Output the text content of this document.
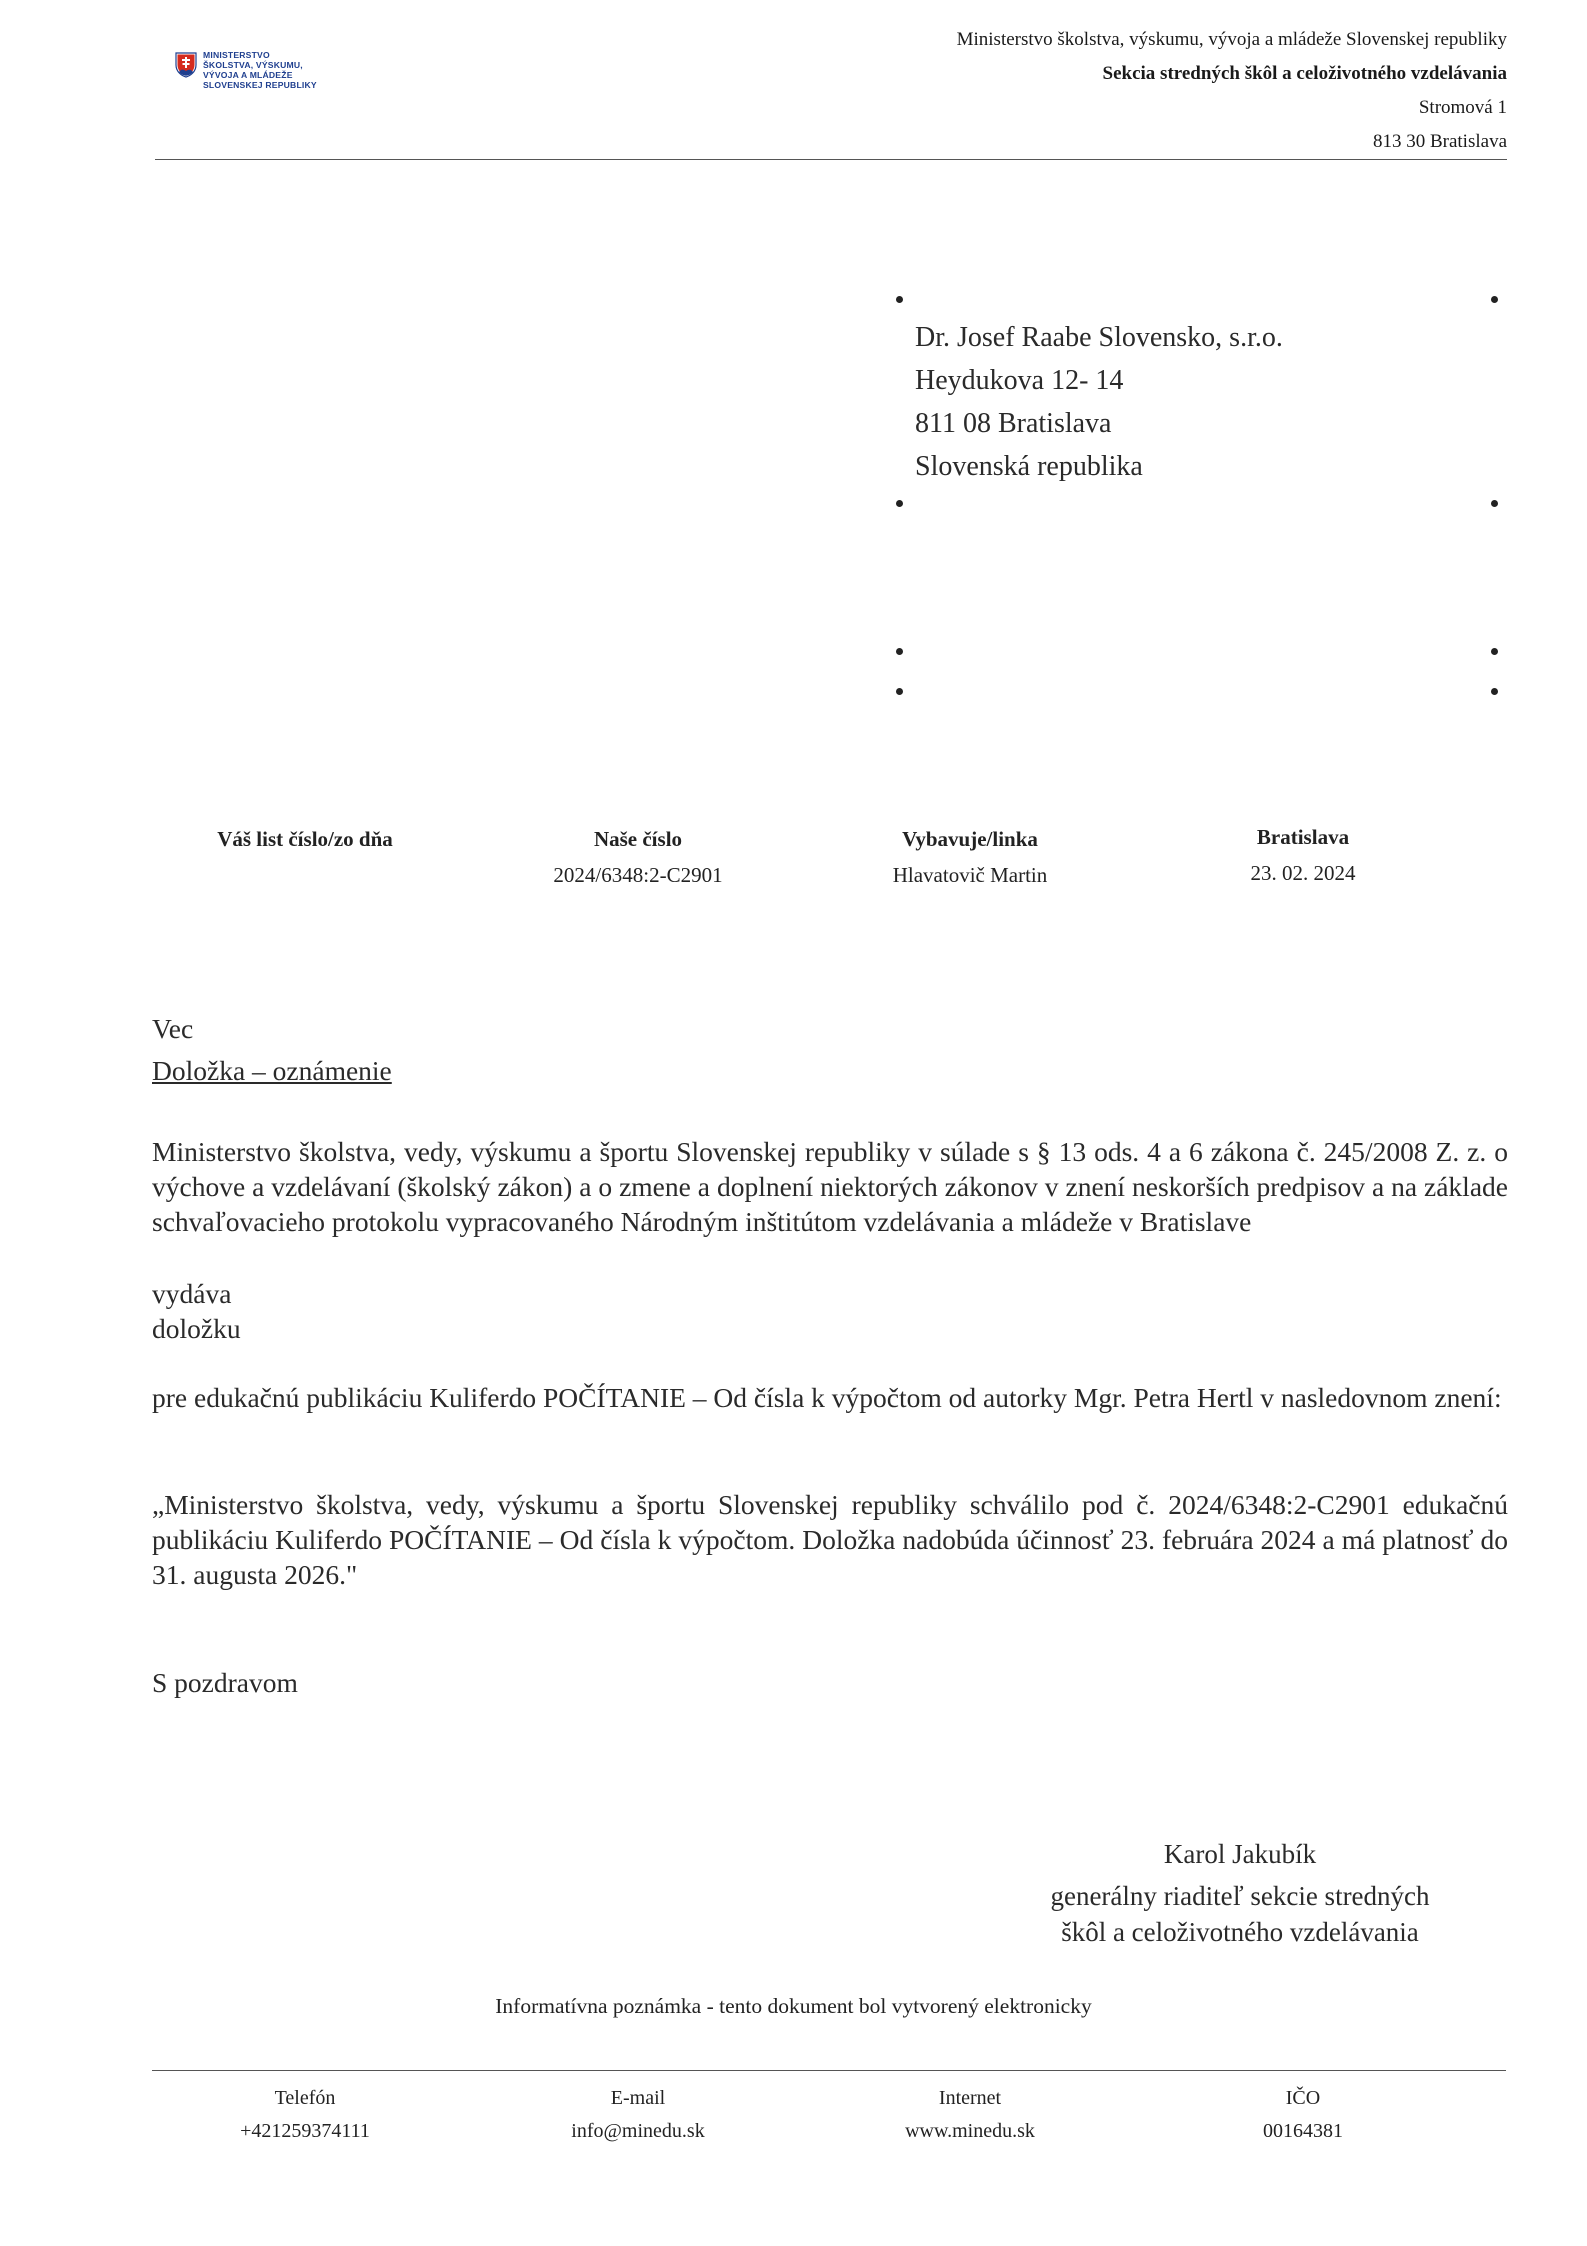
MINISTERSTVO
ŠKOLSTVA, VÝSKUMU,
VÝVOJA A MLÁDEŽE
SLOVENSKEJ REPUBLIKY
Ministerstvo školstva, výskumu, vývoja a mládeže Slovenskej republiky
Sekcia stredných škôl a celoživotného vzdelávania
Stromová 1
813 30 Bratislava
Dr. Josef Raabe Slovensko, s.r.o.
Heydukova 12- 14
811 08 Bratislava
Slovenská republika
Váš list číslo/zo dňa	Naše číslo
2024/6348:2-C2901
Vybavuje/linka
Hlavatovič Martin
Bratislava
23. 02. 2024
Vec
Doložka – oznámenie
Ministerstvo školstva, vedy, výskumu a športu Slovenskej republiky v súlade s § 13 ods. 4 a 6 zákona č. 245/2008 Z. z. o výchove a vzdelávaní (školský zákon) a o zmene a doplnení niektorých zákonov v znení neskorších predpisov a na základe schvaľovacieho protokolu vypracovaného Národným inštitútom vzdelávania a mládeže v Bratislave
vydáva
doložku
pre edukačnú publikáciu Kuliferdo POČÍTANIE – Od čísla k výpočtom od autorky Mgr. Petra Hertl v nasledovnom znení:
„Ministerstvo školstva, vedy, výskumu a športu Slovenskej republiky schválilo pod č. 2024/6348:2-C2901 edukačnú publikáciu Kuliferdo POČÍTANIE – Od čísla k výpočtom. Doložka nadobúda účinnosť 23. februára 2024 a má platnosť do 31. augusta 2026."
S pozdravom
Karol Jakubík
generálny riaditeľ sekcie stredných
škôl a celoživotného vzdelávania
Informatívna poznámka - tento dokument bol vytvorený elektronicky
Telefón
+421259374111
E-mail
info@minedu.sk
Internet
www.minedu.sk
IČO
00164381
